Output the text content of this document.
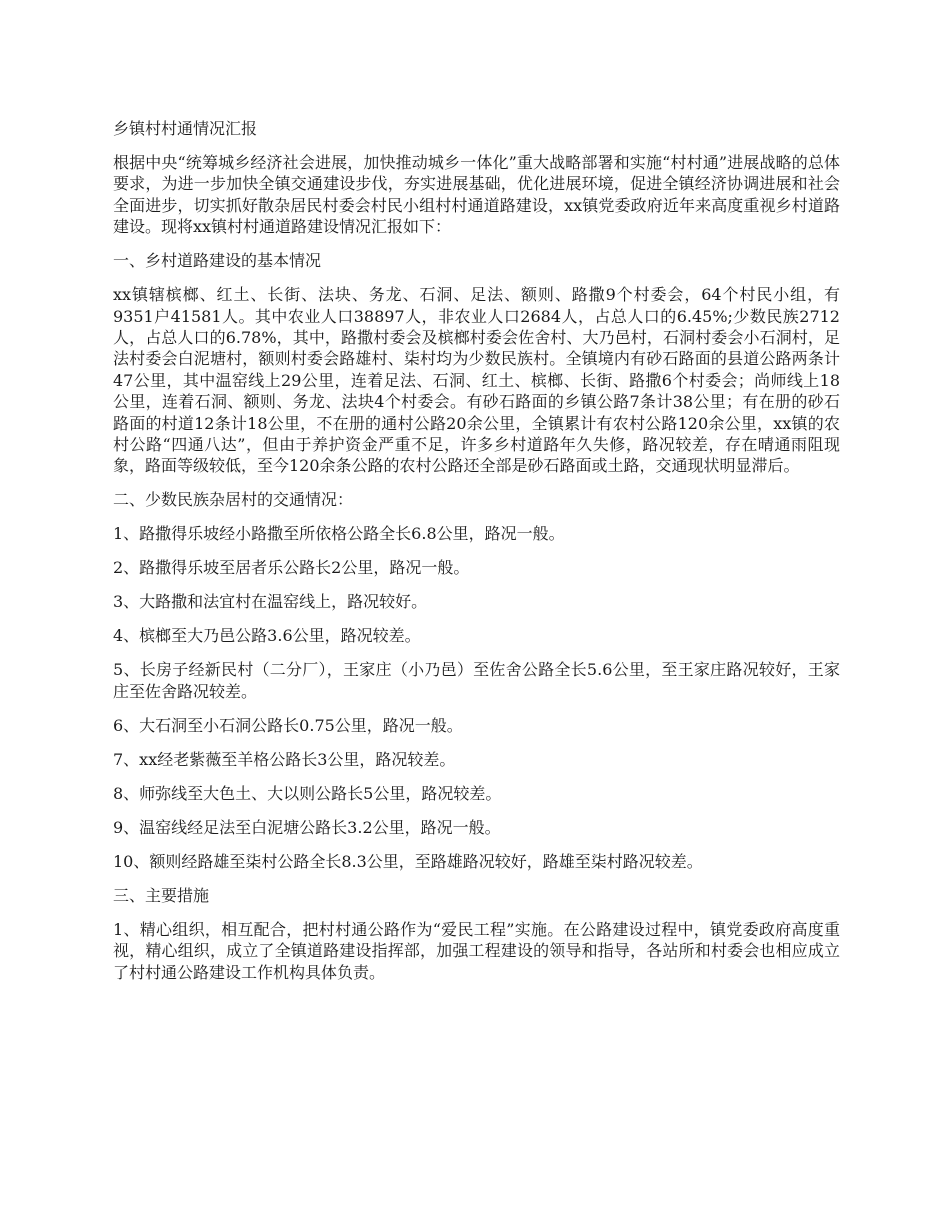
乡镇村村通情况汇报

根据中央“统筹城乡经济社会进展，加快推动城乡一体化”重大战略部署和实施“村村通”进展战略的总体要求，为进一步加快全镇交通建设步伐，夯实进展基础，优化进展环境，促进全镇经济协调进展和社会全面进步，切实抓好散杂居民村委会村民小组村村通道路建设，xx镇党委政府近年来高度重视乡村道路建设。现将xx镇村村通道路建设情况汇报如下：

一、乡村道路建设的基本情况

xx镇辖槟榔、红土、长街、法块、务龙、石洞、足法、额则、路撒9个村委会，64个村民小组，有9351户41581人。其中农业人口38897人，非农业人口2684人，占总人口的6.45%;少数民族2712人，占总人口的6.78%，其中，路撒村委会及槟榔村委会佐舍村、大乃邑村，石洞村委会小石洞村，足法村委会白泥塘村，额则村委会路雄村、柒村均为少数民族村。全镇境内有砂石路面的县道公路两条计47公里，其中温窑线上29公里，连着足法、石洞、红土、槟榔、长街、路撒6个村委会；尚师线上18公里，连着石洞、额则、务龙、法块4个村委会。有砂石路面的乡镇公路7条计38公里；有在册的砂石路面的村道12条计18公里，不在册的通村公路20余公里，全镇累计有农村公路120余公里，xx镇的农村公路“四通八达”，但由于养护资金严重不足，许多乡村道路年久失修，路况较差，存在晴通雨阻现象，路面等级较低，至今120余条公路的农村公路还全部是砂石路面或土路，交通现状明显滞后。

二、少数民族杂居村的交通情况：

1、路撒得乐坡经小路撒至所依格公路全长6.8公里，路况一般。

2、路撒得乐坡至居者乐公路长2公里，路况一般。

3、大路撒和法宜村在温窑线上，路况较好。

4、槟榔至大乃邑公路3.6公里，路况较差。

5、长房子经新民村（二分厂），王家庄（小乃邑）至佐舍公路全长5.6公里，至王家庄路况较好，王家庄至佐舍路况较差。

6、大石洞至小石洞公路长0.75公里，路况一般。

7、xx经老紫薇至羊格公路长3公里，路况较差。

8、师弥线至大色土、大以则公路长5公里，路况较差。

9、温窑线经足法至白泥塘公路长3.2公里，路况一般。

10、额则经路雄至柒村公路全长8.3公里，至路雄路况较好，路雄至柒村路况较差。

三、主要措施

1、精心组织，相互配合，把村村通公路作为“爱民工程”实施。在公路建设过程中，镇党委政府高度重视，精心组织，成立了全镇道路建设指挥部，加强工程建设的领导和指导，各站所和村委会也相应成立了村村通公路建设工作机构具体负责。
